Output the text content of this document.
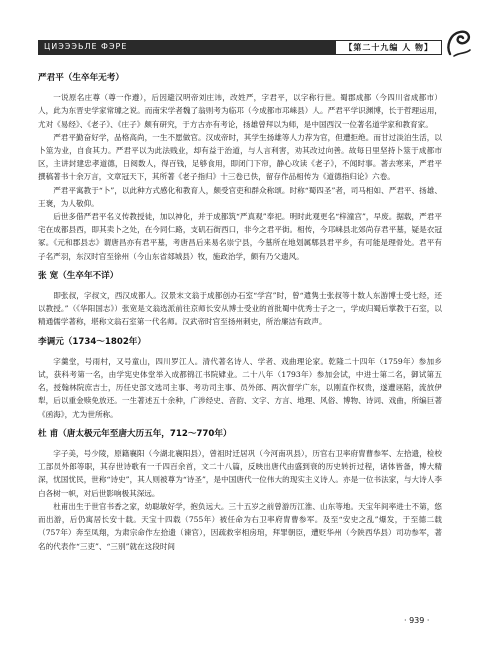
ЦИЭЭЭЬЛЕ ФЭРЕ	【第二十九编 人 物】
严君平（生卒年无考）

一说原名庄尊（尊一作遵），后因避汉明帝刘庄讳，改姓严，字君平，以字称行世。蜀郡成都（今四川省成都市）人，此为东晋史学家常璩之说。而南宋学者魏了翁则考为临邛（今成都市邛崃县）人。严君平学识渊博，长于哲理运用，尤对《易经》、《老子》、《庄子》颇有研究，于方古亦有考论，扬雄曾拜以为师，是中国西汉一位著名道学家和教育家。

严君平勤奋好学，品格高尚，一生不愿做官。汉成帝时，其学生扬雄等人力荐为官，但遭拒绝。而甘过淡泊生活，以卜筮为业，自食其力。严君平以为此法贱业，却有益于治道，与人言利害，劝其改过向善。故每日里坚持卜筮于成都市区，主讲封建忠孝道德，日阅数人，得百钱，足够食用，即闭门下帘，静心攻读《老子》，不闻时事。著去寒来，严君平撰稿著书十余万言，文章冠天下，其所著《老子指归》十三卷已佚，留存作品相传为《道德指归论》六卷。

严君平寓教于“卜”，以此种方式感化和教育人，颇受官吏和群众称颂。时称“蜀四圣”者，司马相如、严君平、扬雄、王褒，为人敬仰。

后世多借严君平名义传教授徒，加以神化，并于成都筑“严真观”奉祀。明时此观更名“梓潼宫”，早废。据载，严君平宅在成都县西，即其卖卜之处，在今同仁路，支矶石街西口，非今之君平街。相传，今邛崃县北郊尚存君平墓，疑是衣冠冢。《元和郡县志》谓唐昌亦有君平墓，考唐昌后来易名崇宁县，今墓所在地划属郫县君平乡，有可能是理骨处。君平有子名严羽，东汉时官至徐州（今山东省郯城县）牧，施政治学，颇有乃父遗风。

张 宽（生卒年不详）

即张叔，字叔文，西汉成都人。汉景末文翁于成都创办石室“学宫”时，曾“遣隽士张叔等十数人东游博士受七经，还以教授。”（《华阳国志》）张宽是文翁选派前往京师长安从博士受业的首批蜀中优秀士子之一，学成归蜀后掌教于石室，以精通儒学著称，堪称文翁石室第一代名师。汉武帝时官至扬州刺史，所治廉洁有政声。

李调元（1734～1802年）

字羹堂，号雨村，又号童山，四川罗江人。清代著名诗人、学者、戏曲理论家。乾隆二十四年（1759年）参加乡试，获科考第一名，由学宪史体堂举入成都锦江书院肄业。二十八年（1793年）参加会试，中进士第二名，御试第五名，授翰林院庶吉士，历任史部文选司主事、考功司主事、员外郎、两次督学广东，以刚直作权贵，遂遭诬陷，流放伊犁，后以重金赎免放还。一生著述五十余种，广涉经史、音韵、文字、方言、地理、风俗、博物、诗词、戏曲，所编巨著《函海》，尤为世所称。

杜 甫（唐太极元年至唐大历五年，712～770年）

字子美，号少陵，原籍襄阳（今湖北襄阳县），曾祖时迁居巩（今河南巩县），历官右卫率府胄曹参军、左拾遗，检校工部员外郎等职，其存世诗歌有一千四百余首，文二十八篇，反映出唐代由盛到衰的历史转折过程，诸体皆备，博大精深，忧国忧民，世称“诗史”，其人则被尊为“诗圣”，是中国唐代一位伟大的现实主义诗人。亦是一位书法家，与大诗人李白各树一帜，对后世影响极其深远。

杜甫出生于世官书香之家，幼聪敏好学，抱负远大。三十五岁之前曾游历江淮、山东等地。天宝年间率进士不第，悠而出游，后仍寓居长安十载。天宝十四载（755年）被任命为右卫率府胄曹参军。及至“安史之乱”爆发，于至德二载（757年）奔至凤翔，为肃宗命作左拾遗（谏官），因疏救宰相房琯，拜罪朝臣，遭贬华州（今陕西华县）司功参军，著名的代表作“三吏”、“三别”就在这段时间

· 939 ·
